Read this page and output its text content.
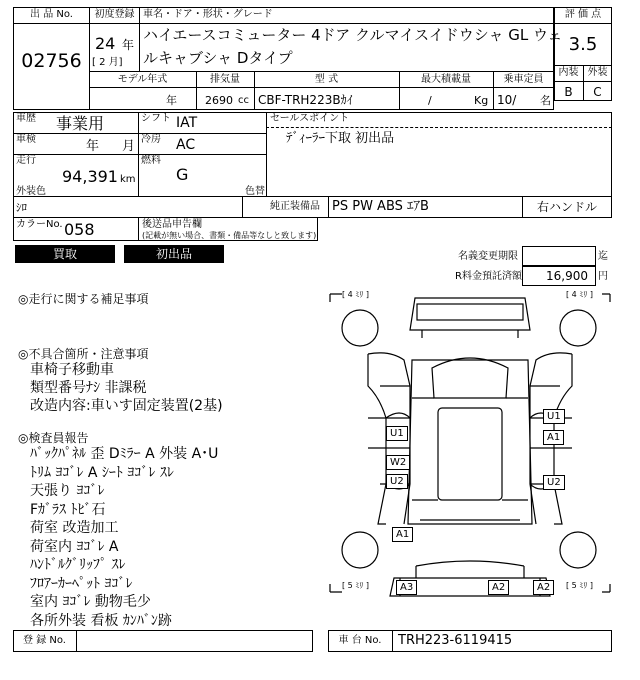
出 品 No.
02756
初度登録
24 年
[ 2 月]
車名・ドア・形状・グレード
ハイエースコミューター 4ドア クルマイスイドウシャ GL ウェ
ルキャブシャ Dタイプ
評 価 点
3.5
内装 外装
B	C
モデル年式	排気量	型 式	最大積載量	乗車定員
年	2690 cc CBF-TRH223Bｶｲ	/	Kg 10/ 名
車歴 事業用	シフト IAT
車検	年 月 冷房 AC
走行
94,391 km
燃料
G
セールスポイント
ﾃﾞｨｰﾗｰ下取 初出品
外装色
ｼﾛ
色替
純正装備品 PS PW ABS ｴｱB	右ハンドル
カラーNo. 058	後送品申告欄
(記載が無い場合、書類・備品等なしと致します)
買取	初出品	名義変更期限	迄
R料金預託済額 16,900 円
◎走行に関する補足事項
◎不具合箇所・注意事項
車椅子移動車
類型番号ﾅｼ 非課税
改造内容:車いす固定装置(2基)
◎検査員報告
ﾊﾞｯｸﾊﾟﾈﾙ 歪 Dﾐﾗｰ A 外装 A･U
ﾄﾘﾑ ﾖｺﾞﾚ A ｼｰﾄ ﾖｺﾞﾚ ｽﾚ
天張り ﾖｺﾞﾚ
Fｶﾞﾗｽ ﾄﾋﾞ石
荷室 改造加工
荷室内 ﾖｺﾞﾚ A
ﾊﾝﾄﾞﾙｸﾞﾘｯﾌﾟ ｽﾚ
ﾌﾛｱｰｶｰﾍﾟｯﾄ ﾖｺﾞﾚ
室内 ﾖｺﾞﾚ 動物毛少
各所外装 看板 ｶﾝﾊﾞﾝ跡
[ 4 ﾐﾘ ]	[ 4 ﾐﾘ ]
[ 5 ﾐﾘ ]	[ 5 ﾐﾘ ]
U1
W2
U2
A1
U1
A1
U2
A3	A2	A2
登 録 No.	車 台 No.	TRH223-6119415
